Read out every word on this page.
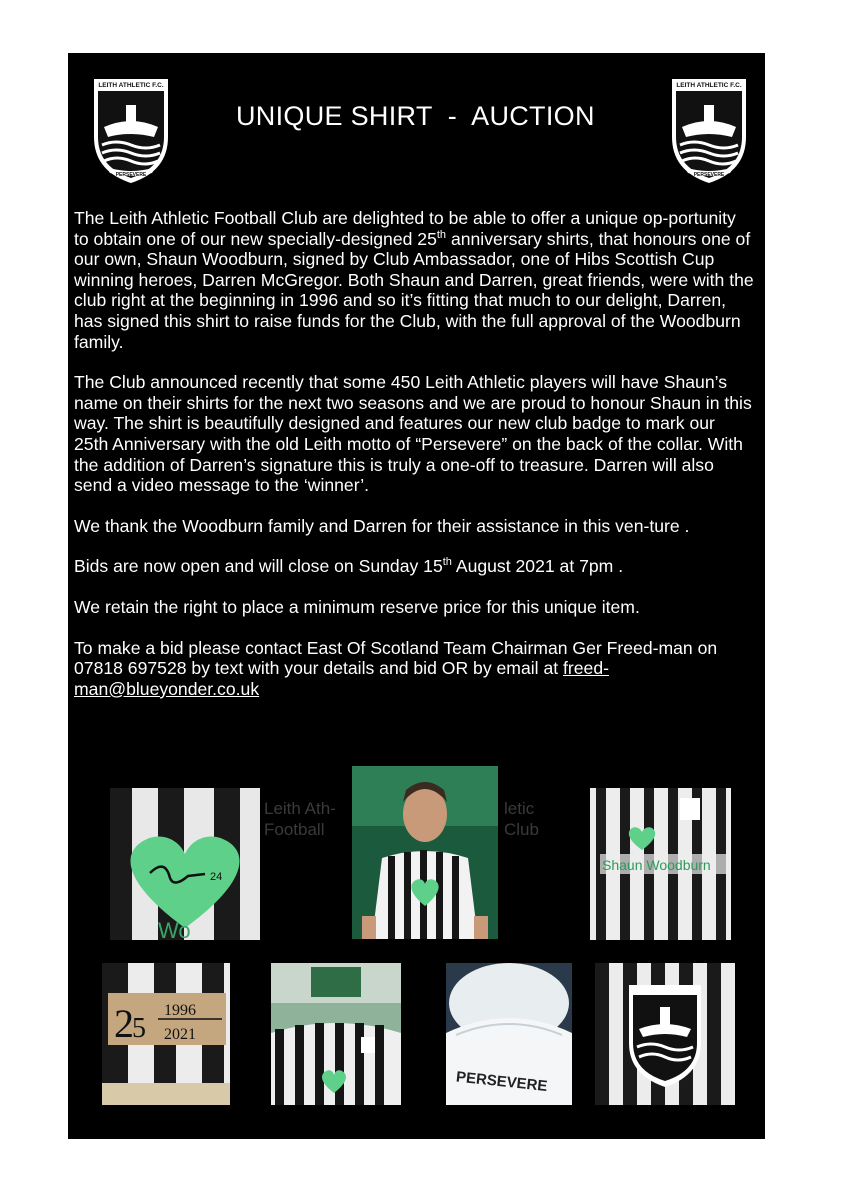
LEITH ATHLETIC F.C.
PERSEVERE
UNIQUE SHIRT  -  AUCTION
LEITH ATHLETIC F.C.
PERSEVERE

The Leith Athletic Football Club are delighted to be able to offer a unique op-portunity to obtain one of our new specially-designed 25th anniversary shirts, that honours one of our own, Shaun Woodburn, signed by Club Ambassador, one of Hibs Scottish Cup winning heroes, Darren McGregor. Both Shaun and Darren, great friends, were with the club right at the beginning in 1996 and so it’s fitting that much to our delight, Darren, has signed this shirt to raise funds for the Club, with the full approval of the Woodburn family.

The Club announced recently that some 450 Leith Athletic players will have Shaun’s name on their shirts for the next two seasons and we are proud to honour Shaun in this way. The shirt is beautifully designed and features our new club badge to mark our 25th Anniversary with the old Leith motto of “Persevere” on the back of the collar. With the addition of Darren’s signature this is truly a one-off to treasure. Darren will also send a video message to the ‘winner’.

We thank the Woodburn family and Darren for their assistance in this ven-ture .

Bids are now open and will close on Sunday 15th August 2021 at 7pm .

We retain the right to place a minimum reserve price for this unique item.

To make a bid please contact East Of Scotland Team Chairman Ger Freed-man on 07818 697528 by text with your details and bid OR by email at freed-man@blueyonder.co.uk

24
Wo
Leith Ath-
Football
letic
Club
Shaun Woodburn
2
5
1996
2021
PERSEVERE
